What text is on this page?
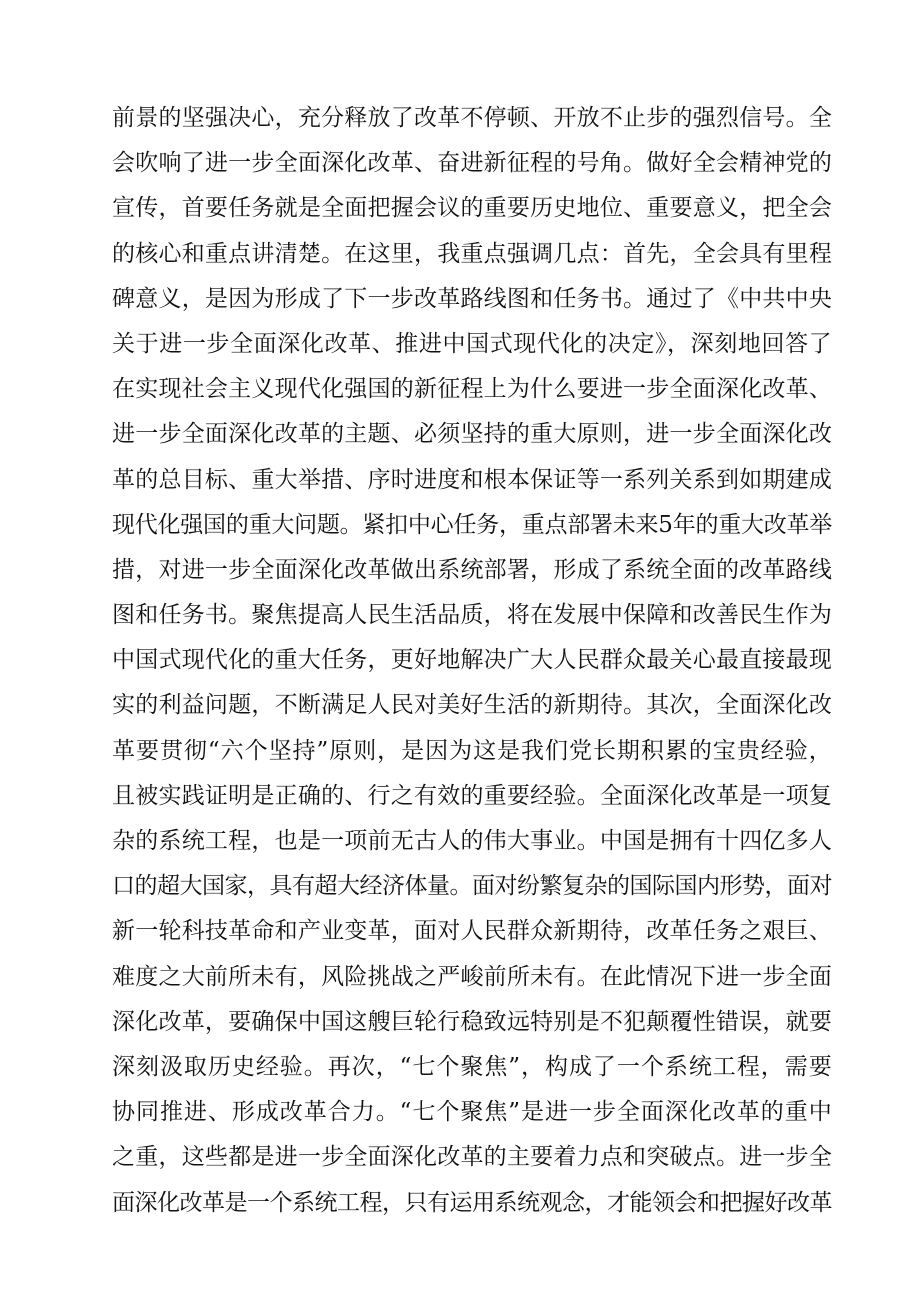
前景的坚强决心，充分释放了改革不停顿、开放不止步的强烈信号。全
会吹响了进一步全面深化改革、奋进新征程的号角。做好全会精神党的
宣传，首要任务就是全面把握会议的重要历史地位、重要意义，把全会
的核心和重点讲清楚。在这里，我重点强调几点：首先，全会具有里程
碑意义，是因为形成了下一步改革路线图和任务书。通过了《中共中央
关于进一步全面深化改革、推进中国式现代化的决定》，深刻地回答了
在实现社会主义现代化强国的新征程上为什么要进一步全面深化改革、
进一步全面深化改革的主题、必须坚持的重大原则，进一步全面深化改
革的总目标、重大举措、序时进度和根本保证等一系列关系到如期建成
现代化强国的重大问题。紧扣中心任务，重点部署未来5年的重大改革举
措，对进一步全面深化改革做出系统部署，形成了系统全面的改革路线
图和任务书。聚焦提高人民生活品质，将在发展中保障和改善民生作为
中国式现代化的重大任务，更好地解决广大人民群众最关心最直接最现
实的利益问题，不断满足人民对美好生活的新期待。其次，全面深化改
革要贯彻“六个坚持”原则，是因为这是我们党长期积累的宝贵经验，
且被实践证明是正确的、行之有效的重要经验。全面深化改革是一项复
杂的系统工程，也是一项前无古人的伟大事业。中国是拥有十四亿多人
口的超大国家，具有超大经济体量。面对纷繁复杂的国际国内形势，面对
新一轮科技革命和产业变革，面对人民群众新期待，改革任务之艰巨、
难度之大前所未有，风险挑战之严峻前所未有。在此情况下进一步全面
深化改革，要确保中国这艘巨轮行稳致远特别是不犯颠覆性错误，就要
深刻汲取历史经验。再次，“七个聚焦”，构成了一个系统工程，需要
协同推进、形成改革合力。“七个聚焦”是进一步全面深化改革的重中
之重，这些都是进一步全面深化改革的主要着力点和突破点。进一步全
面深化改革是一个系统工程，只有运用系统观念，才能领会和把握好改革
